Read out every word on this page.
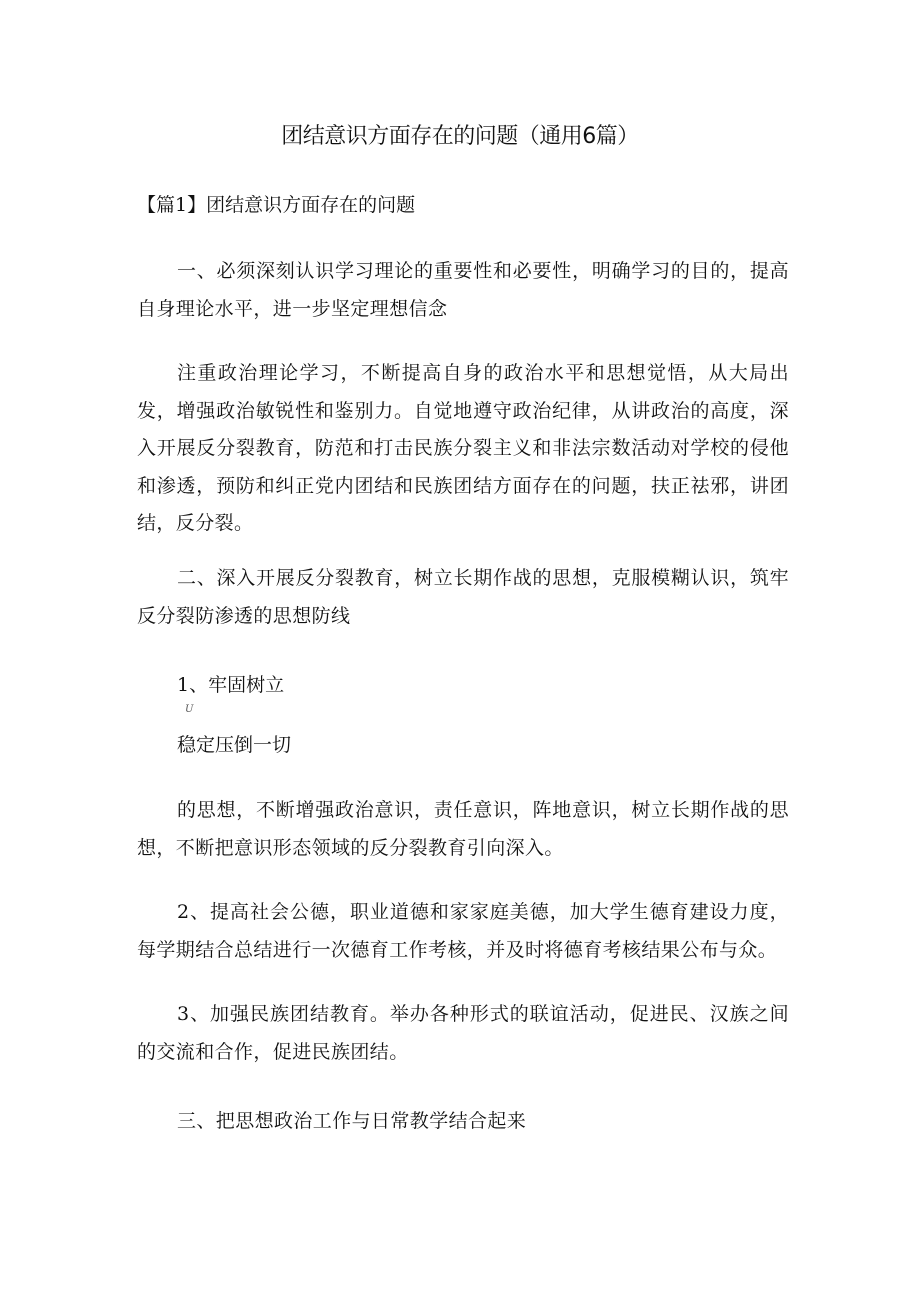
团结意识方面存在的问题（通用6篇）
【篇1】团结意识方面存在的问题
一、必须深刻认识学习理论的重要性和必要性，明确学习的目的，提高自身理论水平，进一步坚定理想信念
注重政治理论学习，不断提高自身的政治水平和思想觉悟，从大局出发，增强政治敏锐性和鉴别力。自觉地遵守政治纪律，从讲政治的高度，深入开展反分裂教育，防范和打击民族分裂主义和非法宗数活动对学校的侵他和渗透，预防和纠正党内团结和民族团结方面存在的问题，扶正祛邪，讲团结，反分裂。
二、深入开展反分裂教育，树立长期作战的思想，克服模糊认识，筑牢反分裂防渗透的思想防线
1、牢固树立
U
稳定压倒一切
的思想，不断增强政治意识，责任意识，阵地意识，树立长期作战的思想，不断把意识形态领域的反分裂教育引向深入。
2、提高社会公德，职业道德和家家庭美德，加大学生德育建设力度，每学期结合总结进行一次德育工作考核，并及时将德育考核结果公布与众。
3、加强民族团结教育。举办各种形式的联谊活动，促进民、汉族之间的交流和合作，促进民族团结。
三、把思想政治工作与日常教学结合起来
